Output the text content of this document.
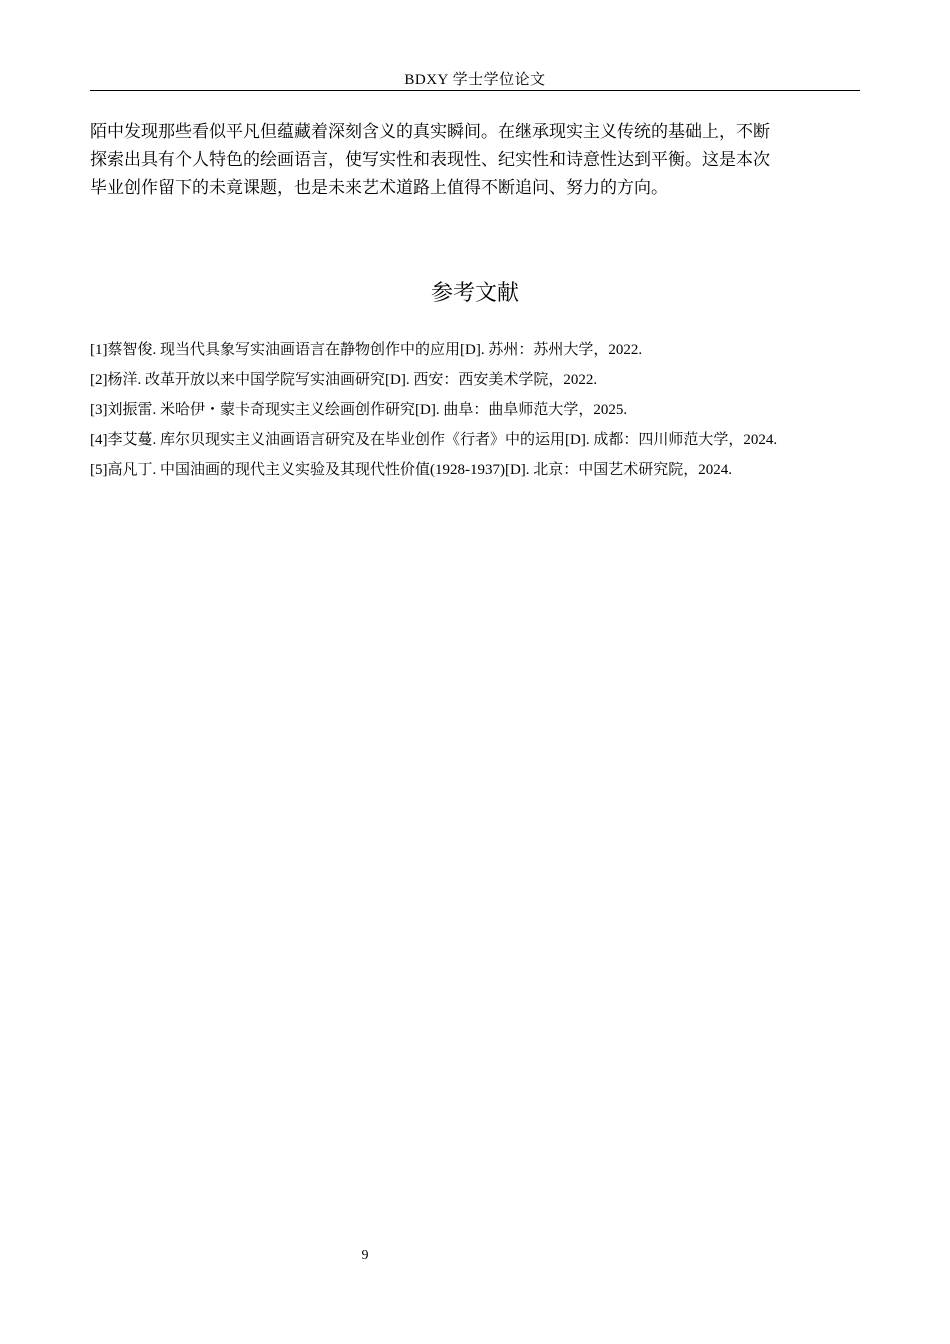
BDXY 学士学位论文

陌中发现那些看似平凡但蕴藏着深刻含义的真实瞬间。在继承现实主义传统的基础上，不断
探索出具有个人特色的绘画语言，使写实性和表现性、纪实性和诗意性达到平衡。这是本次
毕业创作留下的未竟课题，也是未来艺术道路上值得不断追问、努力的方向。

参考文献
[1]蔡智俊. 现当代具象写实油画语言在静物创作中的应用[D]. 苏州：苏州大学，2022.
[2]杨洋. 改革开放以来中国学院写实油画研究[D]. 西安：西安美术学院，2022.
[3]刘振雷. 米哈伊・蒙卡奇现实主义绘画创作研究[D]. 曲阜：曲阜师范大学，2025.
[4]李艾蔓. 库尔贝现实主义油画语言研究及在毕业创作《行者》中的运用[D]. 成都：四川师范大学，2024.
[5]高凡丁. 中国油画的现代主义实验及其现代性价值(1928-1937)[D]. 北京：中国艺术研究院，2024.
9
